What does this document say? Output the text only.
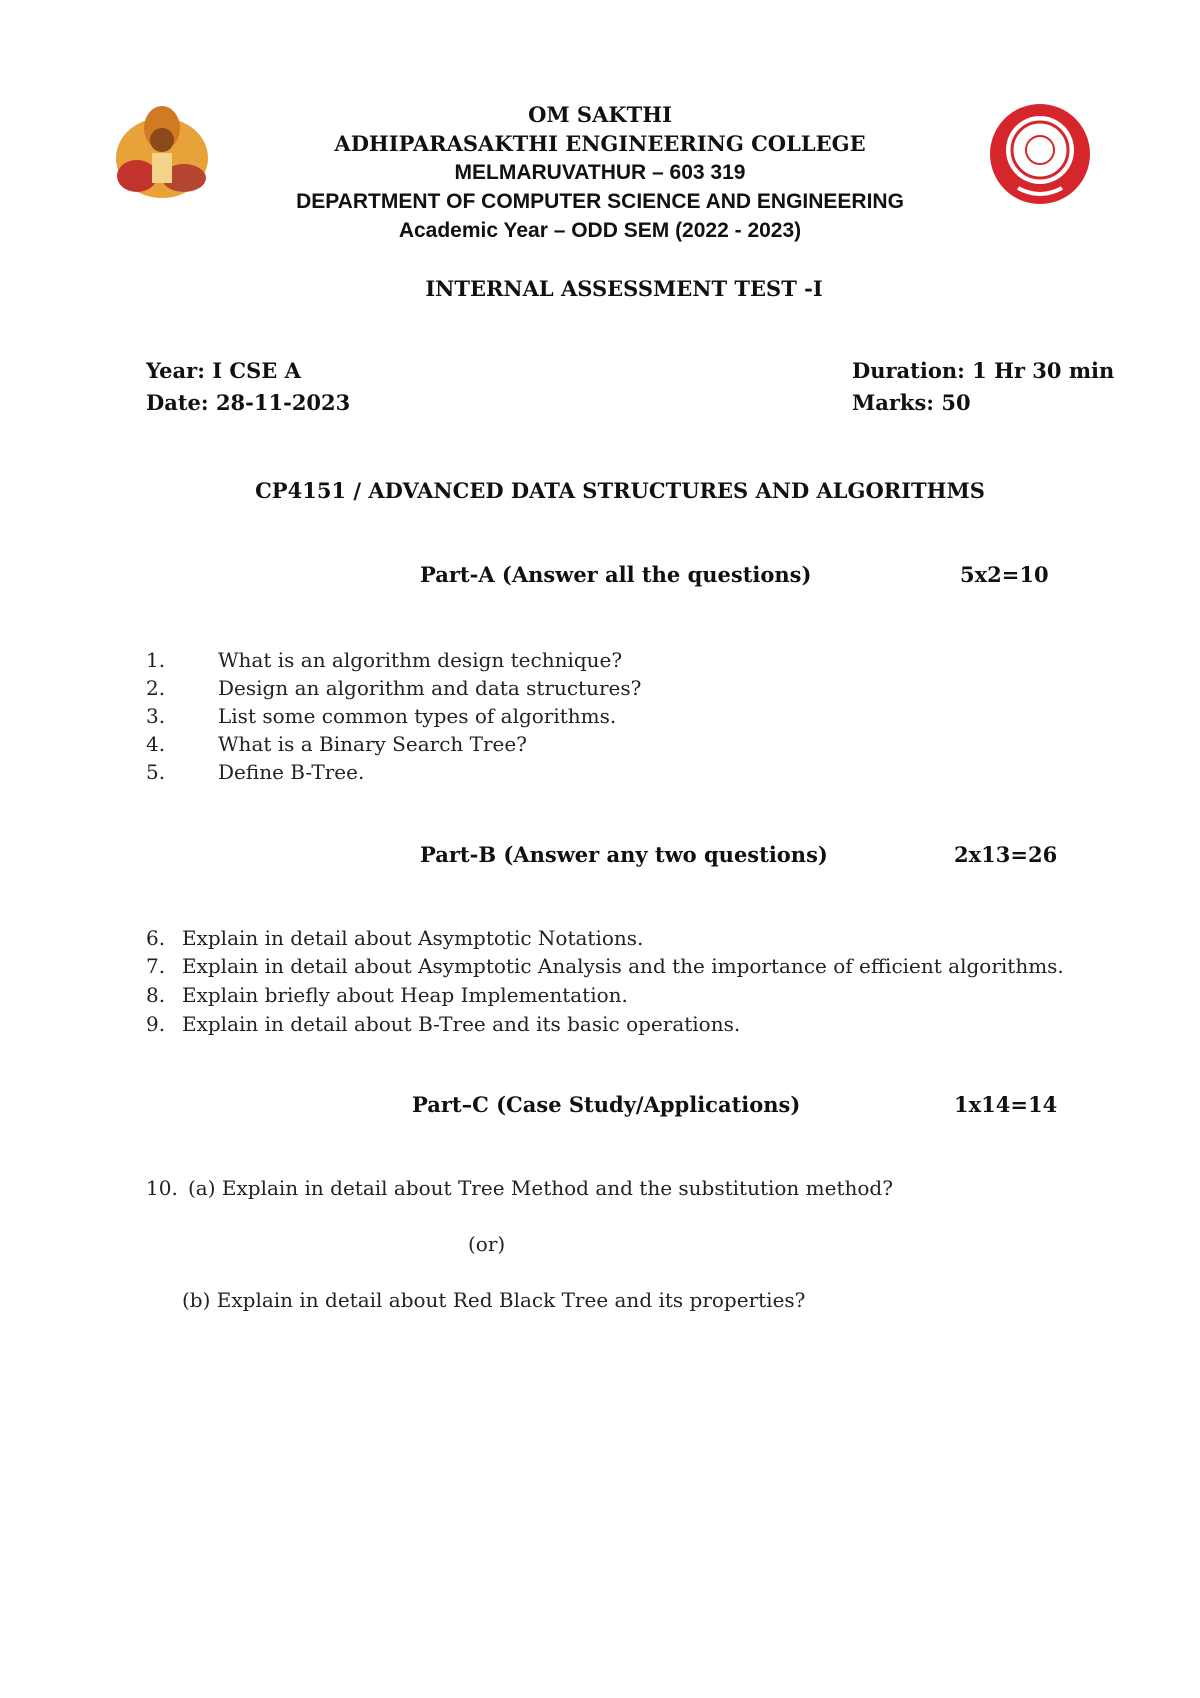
OM SAKTHI
ADHIPARASAKTHI ENGINEERING COLLEGE
MELMARUVATHUR – 603 319
DEPARTMENT OF COMPUTER SCIENCE AND ENGINEERING
Academic Year – ODD SEM (2022 - 2023)
INTERNAL ASSESSMENT TEST -I
Year: I CSE A
Date: 28-11-2023
Duration: 1 Hr 30 min
Marks: 50
CP4151 / ADVANCED DATA STRUCTURES AND ALGORITHMS
Part-A (Answer all the questions)	5x2=10
1.	What is an algorithm design technique?
2.	Design an algorithm and data structures?
3.	List some common types of algorithms.
4.	What is a Binary Search Tree?
5.	Define B-Tree.
Part-B (Answer any two questions)	2x13=26
6. Explain in detail about Asymptotic Notations.
7. Explain in detail about Asymptotic Analysis and the importance of efficient algorithms.
8. Explain briefly about Heap Implementation.
9. Explain in detail about B-Tree and its basic operations.
Part–C (Case Study/Applications)	1x14=14
10. (a) Explain in detail about Tree Method and the substitution method?
(or)
(b) Explain in detail about Red Black Tree and its properties?
